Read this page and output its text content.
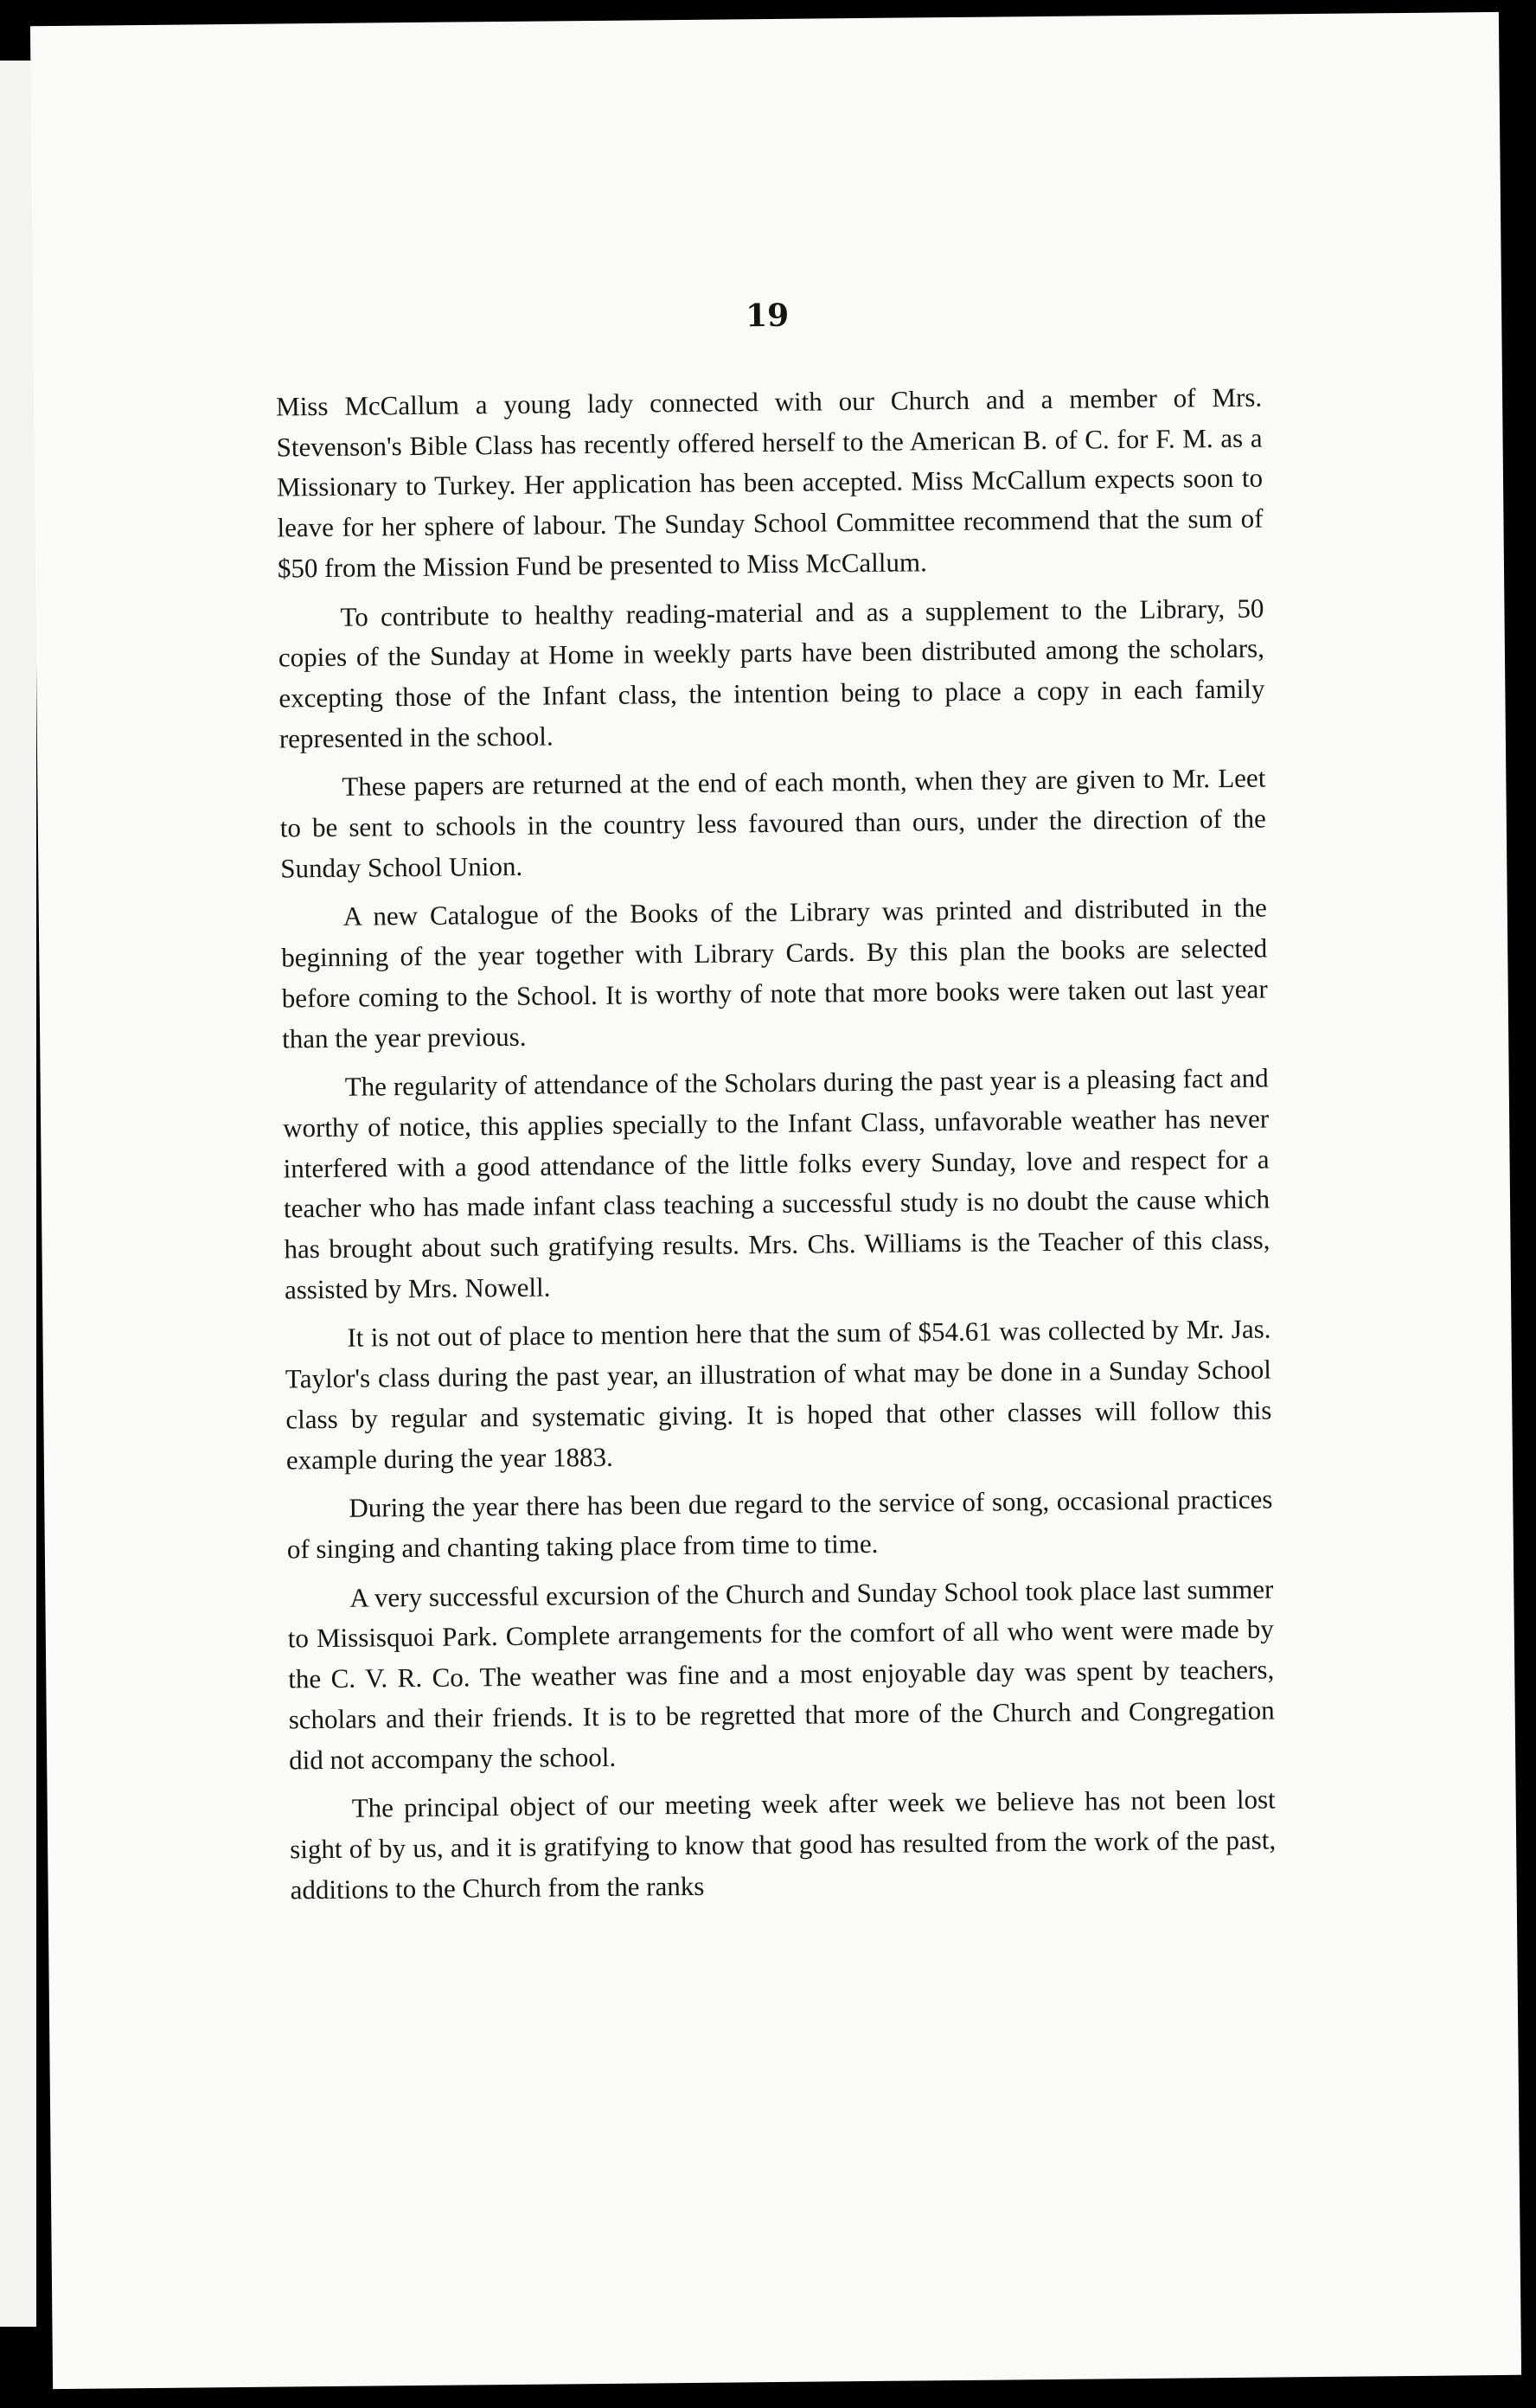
19

Miss McCallum a young lady connected with our Church and a member of Mrs. Stevenson's Bible Class has recently offered herself to the American B. of C. for F. M. as a Missionary to Turkey. Her application has been accepted. Miss McCallum expects soon to leave for her sphere of labour. The Sunday School Committee recommend that the sum of $50 from the Mission Fund be presented to Miss McCallum.

To contribute to healthy reading-material and as a supplement to the Library, 50 copies of the Sunday at Home in weekly parts have been distributed among the scholars, excepting those of the Infant class, the intention being to place a copy in each family represented in the school.

These papers are returned at the end of each month, when they are given to Mr. Leet to be sent to schools in the country less favoured than ours, under the direction of the Sunday School Union.

A new Catalogue of the Books of the Library was printed and distributed in the beginning of the year together with Library Cards. By this plan the books are selected before coming to the School. It is worthy of note that more books were taken out last year than the year previous.

The regularity of attendance of the Scholars during the past year is a pleasing fact and worthy of notice, this applies specially to the Infant Class, unfavorable weather has never interfered with a good attendance of the little folks every Sunday, love and respect for a teacher who has made infant class teaching a successful study is no doubt the cause which has brought about such gratifying results. Mrs. Chs. Williams is the Teacher of this class, assisted by Mrs. Nowell.

It is not out of place to mention here that the sum of $54.61 was collected by Mr. Jas. Taylor's class during the past year, an illustration of what may be done in a Sunday School class by regular and systematic giving. It is hoped that other classes will follow this example during the year 1883.

During the year there has been due regard to the service of song, occasional practices of singing and chanting taking place from time to time.

A very successful excursion of the Church and Sunday School took place last summer to Missisquoi Park. Complete arrangements for the comfort of all who went were made by the C. V. R. Co. The weather was fine and a most enjoyable day was spent by teachers, scholars and their friends. It is to be regretted that more of the Church and Congregation did not accompany the school.

The principal object of our meeting week after week we believe has not been lost sight of by us, and it is gratifying to know that good has resulted from the work of the past, additions to the Church from the ranks
